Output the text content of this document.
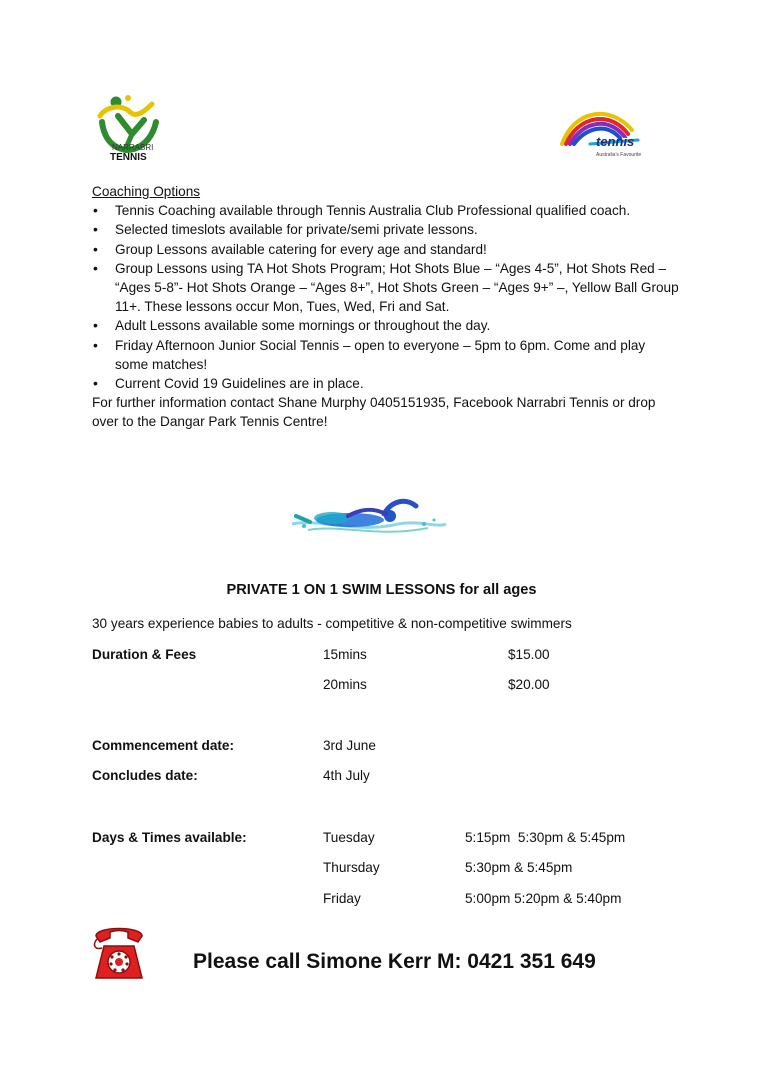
NARRABRI
TENNIS
tennis
Australia's Favourite
Coaching Options
• Tennis Coaching available through Tennis Australia Club Professional qualified coach.
• Selected timeslots available for private/semi private lessons.
• Group Lessons available catering for every age and standard!
• Group Lessons using TA Hot Shots Program; Hot Shots Blue – “Ages 4-5”, Hot Shots Red – “Ages 5-8”- Hot Shots Orange – “Ages 8+”, Hot Shots Green – “Ages 9+” –, Yellow Ball Group 11+. These lessons occur Mon, Tues, Wed, Fri and Sat.
• Adult Lessons available some mornings or throughout the day.
• Friday Afternoon Junior Social Tennis – open to everyone – 5pm to 6pm. Come and play some matches!
• Current Covid 19 Guidelines are in place.
For further information contact Shane Murphy 0405151935, Facebook Narrabri Tennis or drop over to the Dangar Park Tennis Centre!
PRIVATE 1 ON 1 SWIM LESSONS for all ages
30 years experience babies to adults - competitive & non-competitive swimmers
Duration & Fees	15mins	$15.00
20mins	$20.00
Commencement date:	3rd June
Concludes date:	4th July
Days & Times available:	Tuesday	5:15pm  5:30pm & 5:45pm
Thursday	5:30pm & 5:45pm
Friday	5:00pm 5:20pm & 5:40pm
Please call Simone Kerr M: 0421 351 649
